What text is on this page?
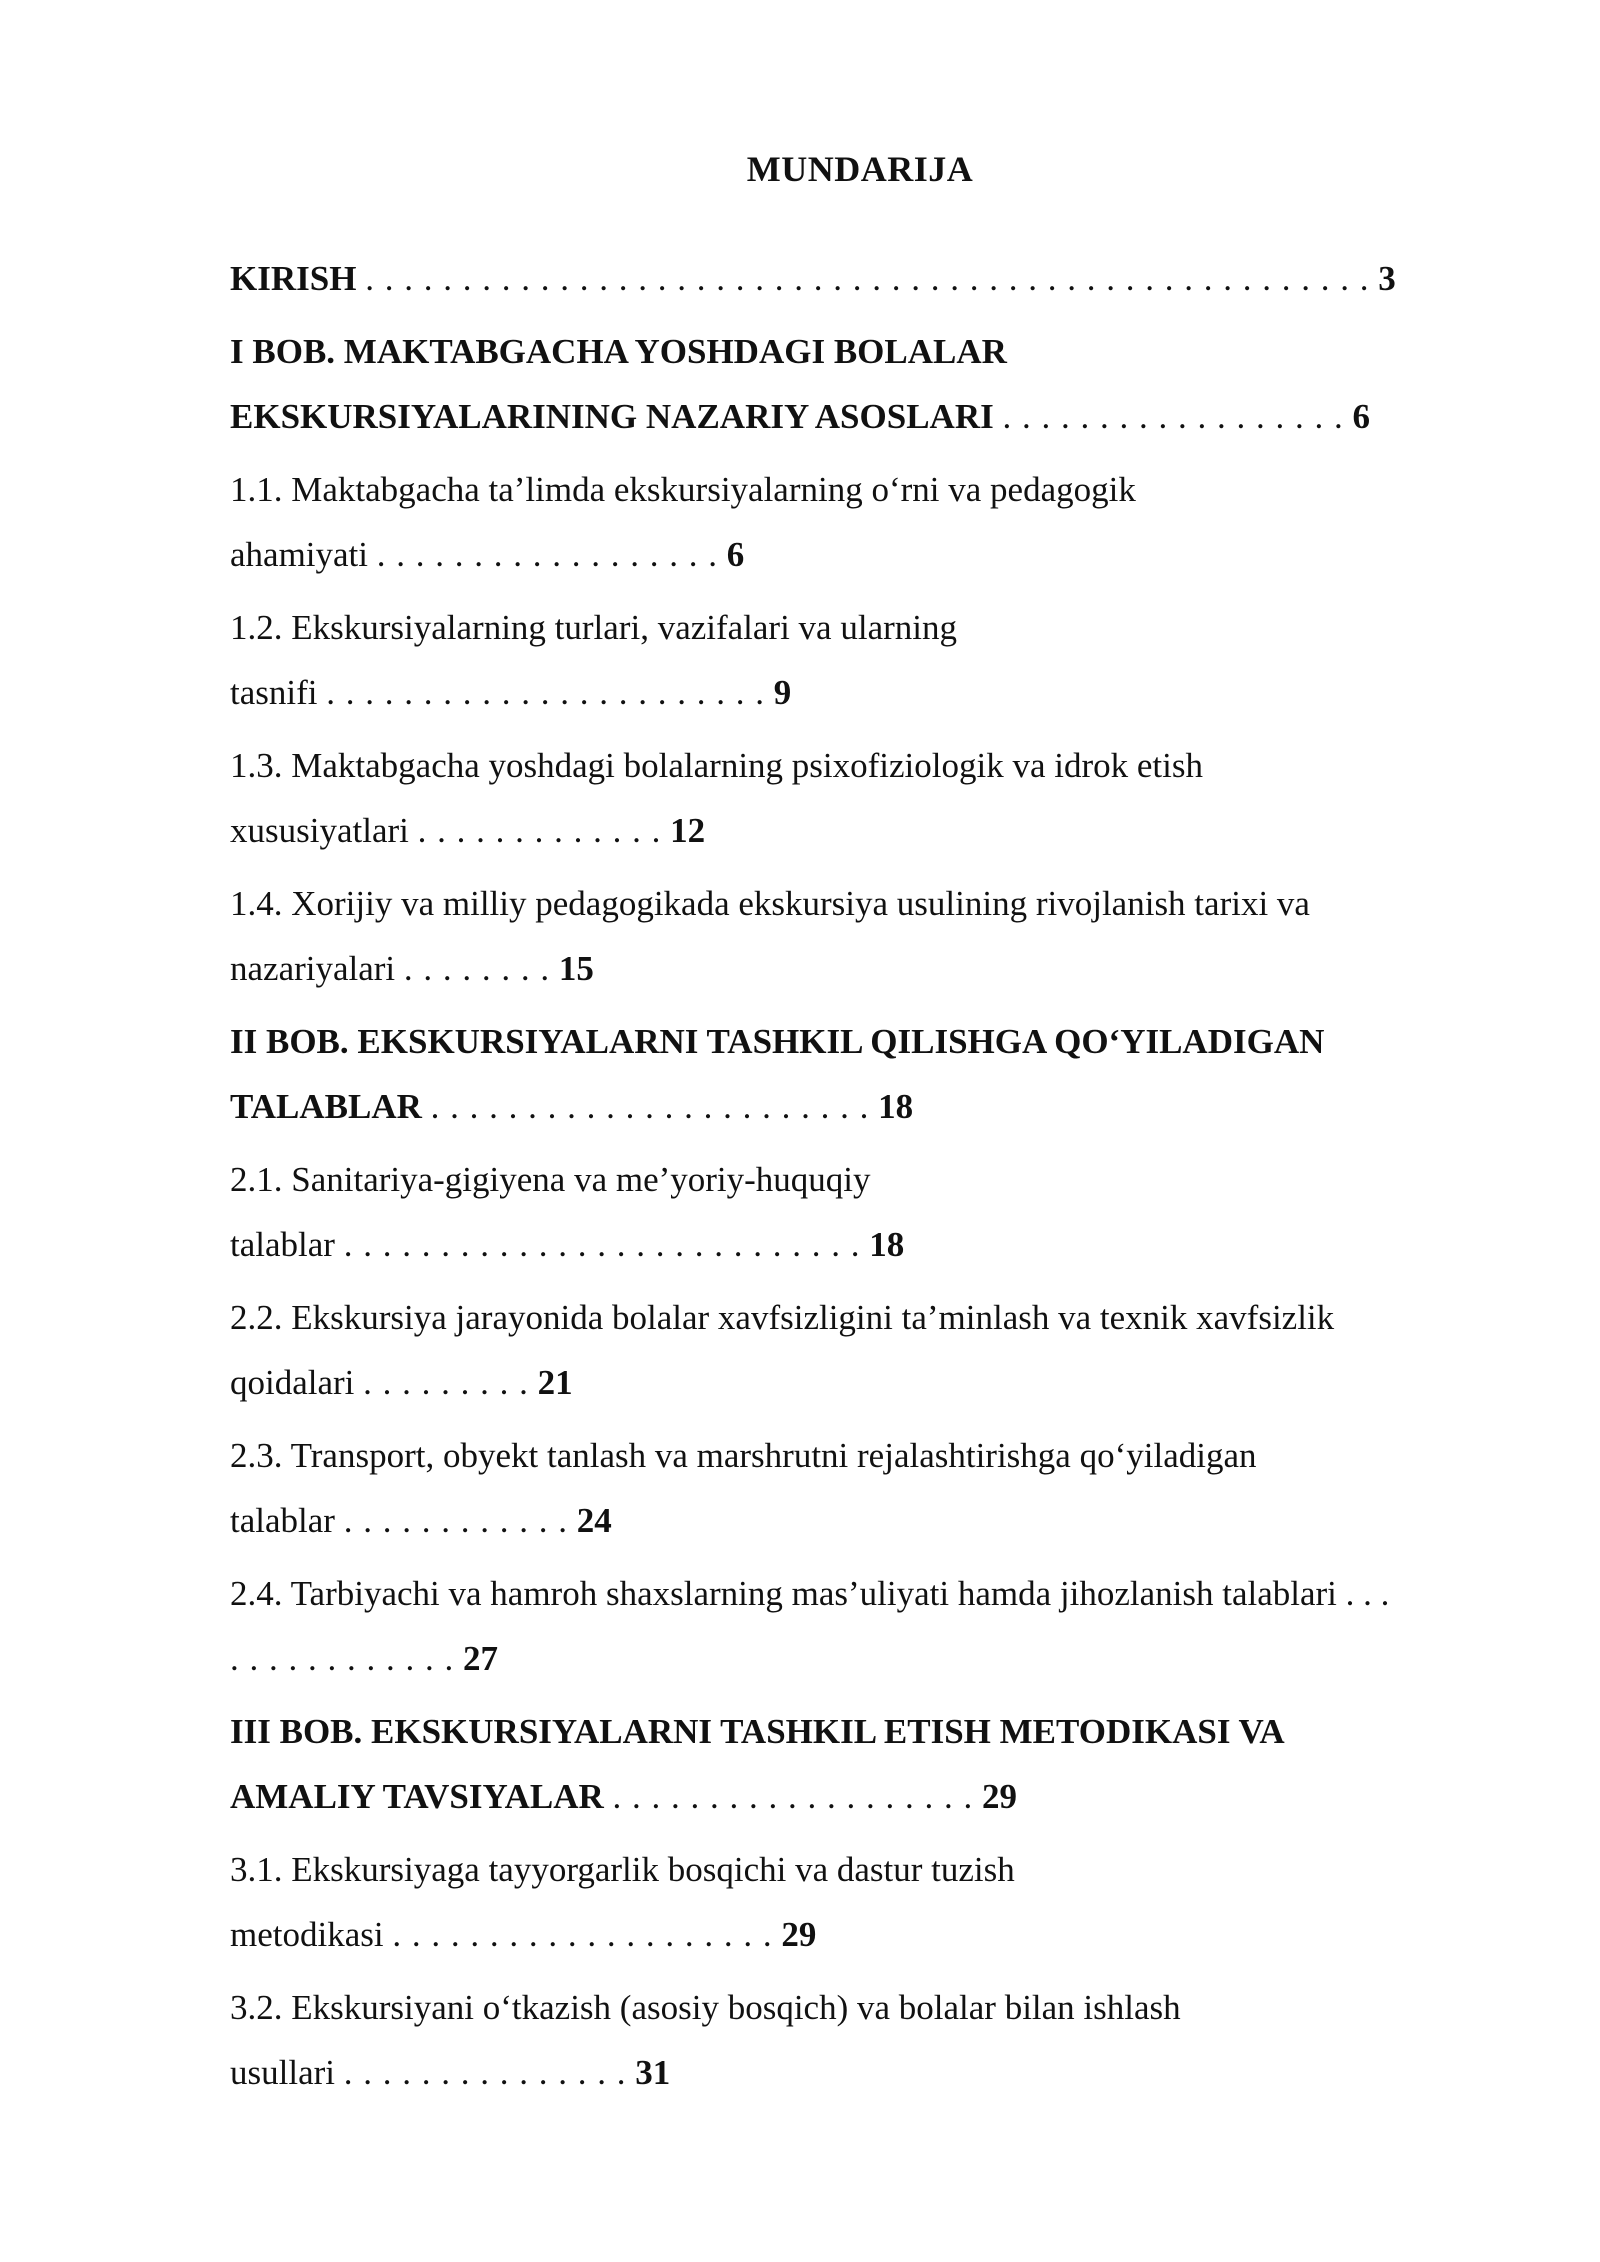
MUNDARIJA
KIRISH . . . . . . . . . . . . . . . . . . . . . . . . . . . . . . . . . . . . . . . . . . . . . . . . . . . . 3
I BOB. MAKTABGACHA YOSHDAGI BOLALAR
EKSKURSIYALARINING NAZARIY ASOSLARI . . . . . . . . . . . . . . . . . . 6
1.1. Maktabgacha ta’limda ekskursiyalarning o‘rni va pedagogik
ahamiyati . . . . . . . . . . . . . . . . . . 6
1.2. Ekskursiyalarning turlari, vazifalari va ularning
tasnifi . . . . . . . . . . . . . . . . . . . . . . . 9
1.3. Maktabgacha yoshdagi bolalarning psixofiziologik va idrok etish
xususiyatlari . . . . . . . . . . . . . 12
1.4. Xorijiy va milliy pedagogikada ekskursiya usulining rivojlanish tarixi va
nazariyalari . . . . . . . . 15
II BOB. EKSKURSIYALARNI TASHKIL QILISHGA QO‘YILADIGAN
TALABLAR . . . . . . . . . . . . . . . . . . . . . . . 18
2.1. Sanitariya-gigiyena va me’yoriy-huquqiy
talablar . . . . . . . . . . . . . . . . . . . . . . . . . . . 18
2.2. Ekskursiya jarayonida bolalar xavfsizligini ta’minlash va texnik xavfsizlik
qoidalari . . . . . . . . . 21
2.3. Transport, obyekt tanlash va marshrutni rejalashtirishga qo‘yiladigan
talablar . . . . . . . . . . . . 24
2.4. Tarbiyachi va hamroh shaxslarning mas’uliyati hamda jihozlanish talablari . . .
. . . . . . . . . . . . 27
III BOB. EKSKURSIYALARNI TASHKIL ETISH METODIKASI VA
AMALIY TAVSIYALAR . . . . . . . . . . . . . . . . . . . 29
3.1. Ekskursiyaga tayyorgarlik bosqichi va dastur tuzish
metodikasi . . . . . . . . . . . . . . . . . . . . 29
3.2. Ekskursiyani o‘tkazish (asosiy bosqich) va bolalar bilan ishlash
usullari . . . . . . . . . . . . . . . 31
